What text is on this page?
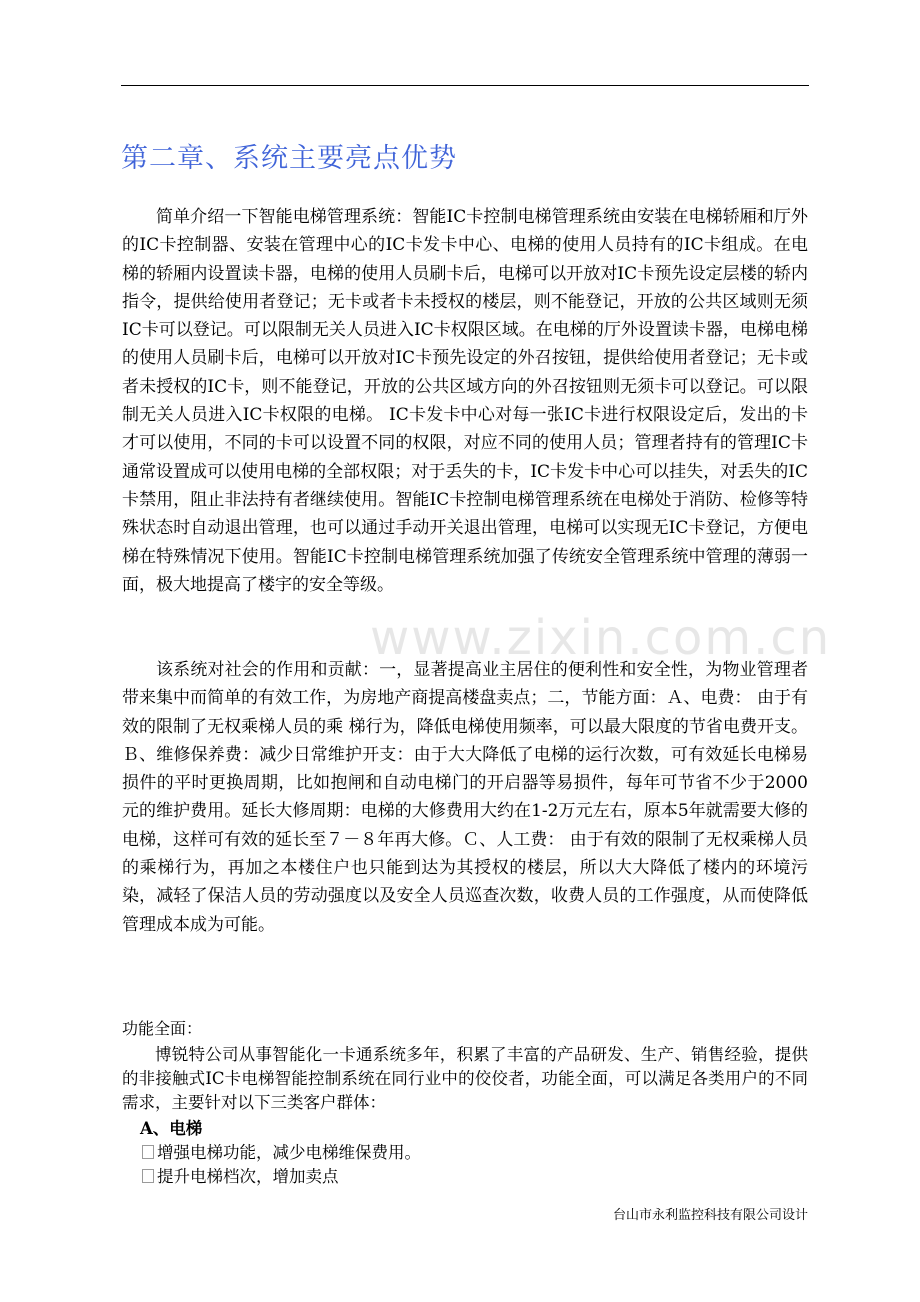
第二章、系统主要亮点优势

简单介绍一下智能电梯管理系统：智能IC卡控制电梯管理系统由安装在电梯轿厢和厅外的IC卡控制器、安装在管理中心的IC卡发卡中心、电梯的使用人员持有的IC卡组成。在电梯的轿厢内设置读卡器，电梯的使用人员刷卡后，电梯可以开放对IC卡预先设定层楼的轿内指令，提供给使用者登记；无卡或者卡未授权的楼层，则不能登记，开放的公共区域则无须IC卡可以登记。可以限制无关人员进入IC卡权限区域。在电梯的厅外设置读卡器，电梯电梯的使用人员刷卡后，电梯可以开放对IC卡预先设定的外召按钮，提供给使用者登记；无卡或者未授权的IC卡，则不能登记，开放的公共区域方向的外召按钮则无须卡可以登记。可以限制无关人员进入IC卡权限的电梯。 IC卡发卡中心对每一张IC卡进行权限设定后，发出的卡才可以使用，不同的卡可以设置不同的权限，对应不同的使用人员；管理者持有的管理IC卡通常设置成可以使用电梯的全部权限；对于丢失的卡，IC卡发卡中心可以挂失，对丢失的IC卡禁用，阻止非法持有者继续使用。智能IC卡控制电梯管理系统在电梯处于消防、检修等特殊状态时自动退出管理，也可以通过手动开关退出管理，电梯可以实现无IC卡登记，方便电梯在特殊情况下使用。智能IC卡控制电梯管理系统加强了传统安全管理系统中管理的薄弱一面，极大地提高了楼宇的安全等级。

该系统对社会的作用和贡献：一，显著提高业主居住的便利性和安全性，为物业管理者带来集中而简单的有效工作，为房地产商提高楼盘卖点；二，节能方面：Ａ、电费： 由于有效的限制了无权乘梯人员的乘 梯行为，降低电梯使用频率，可以最大限度的节省电费开支。Ｂ、维修保养费：减少日常维护开支：由于大大降低了电梯的运行次数，可有效延长电梯易损件的平时更换周期，比如抱闸和自动电梯门的开启器等易损件，每年可节省不少于2000元的维护费用。延长大修周期：电梯的大修费用大约在1-2万元左右，原本5年就需要大修的电梯，这样可有效的延长至７－８年再大修。Ｃ、人工费： 由于有效的限制了无权乘梯人员的乘梯行为，再加之本楼住户也只能到达为其授权的楼层，所以大大降低了楼内的环境污染，减轻了保洁人员的劳动强度以及安全人员巡查次数，收费人员的工作强度，从而使降低管理成本成为可能。

www.zixin.com.cn

功能全面：

博锐特公司从事智能化一卡通系统多年，积累了丰富的产品研发、生产、销售经验，提供的非接触式IC卡电梯智能控制系统在同行业中的佼佼者，功能全面，可以满足各类用户的不同需求，主要针对以下三类客户群体：

A、电梯

增强电梯功能，减少电梯维保费用。

提升电梯档次，增加卖点

台山市永利监控科技有限公司设计
